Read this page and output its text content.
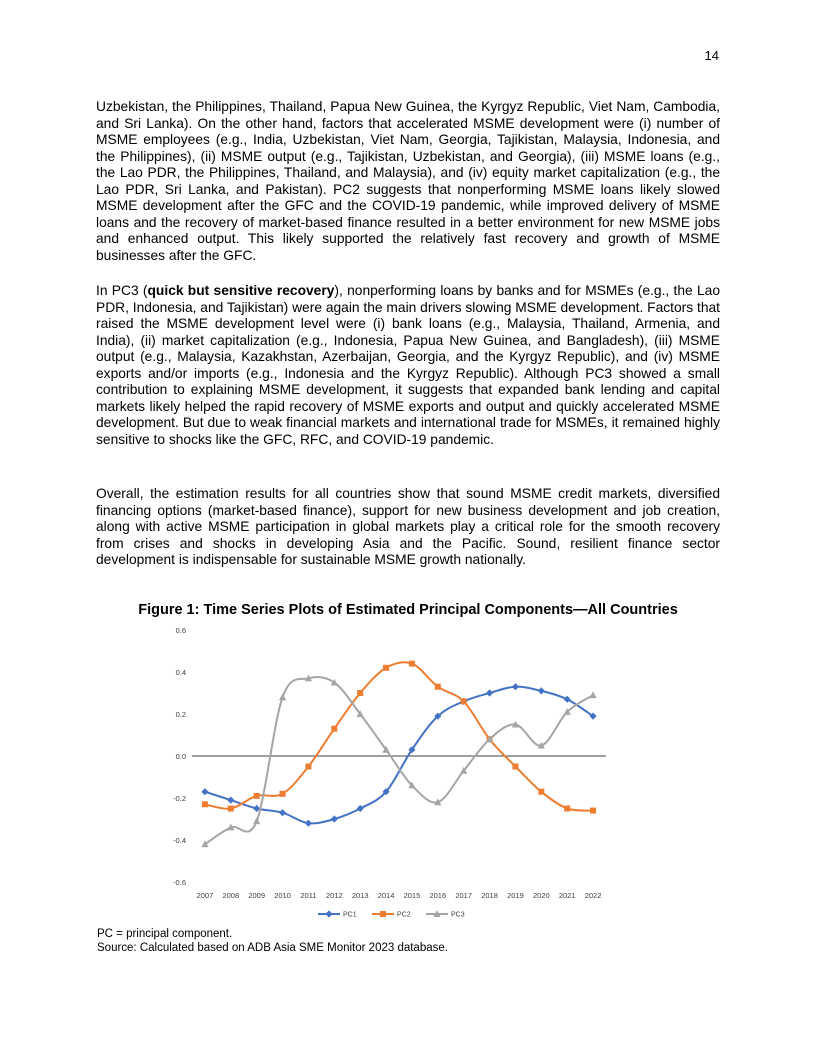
14

Uzbekistan, the Philippines, Thailand, Papua New Guinea, the Kyrgyz Republic, Viet Nam, Cambodia, and Sri Lanka). On the other hand, factors that accelerated MSME development were (i) number of MSME employees (e.g., India, Uzbekistan, Viet Nam, Georgia, Tajikistan, Malaysia, Indonesia, and the Philippines), (ii) MSME output (e.g., Tajikistan, Uzbekistan, and Georgia), (iii) MSME loans (e.g., the Lao PDR, the Philippines, Thailand, and Malaysia), and (iv) equity market capitalization (e.g., the Lao PDR, Sri Lanka, and Pakistan). PC2 suggests that nonperforming MSME loans likely slowed MSME development after the GFC and the COVID-19 pandemic, while improved delivery of MSME loans and the recovery of market-based finance resulted in a better environment for new MSME jobs and enhanced output. This likely supported the relatively fast recovery and growth of MSME businesses after the GFC.

In PC3 (quick but sensitive recovery), nonperforming loans by banks and for MSMEs (e.g., the Lao PDR, Indonesia, and Tajikistan) were again the main drivers slowing MSME development. Factors that raised the MSME development level were (i) bank loans (e.g., Malaysia, Thailand, Armenia, and India), (ii) market capitalization (e.g., Indonesia, Papua New Guinea, and Bangladesh), (iii) MSME output (e.g., Malaysia, Kazakhstan, Azerbaijan, Georgia, and the Kyrgyz Republic), and (iv) MSME exports and/or imports (e.g., Indonesia and the Kyrgyz Republic). Although PC3 showed a small contribution to explaining MSME development, it suggests that expanded bank lending and capital markets likely helped the rapid recovery of MSME exports and output and quickly accelerated MSME development. But due to weak financial markets and international trade for MSMEs, it remained highly sensitive to shocks like the GFC, RFC, and COVID-19 pandemic.

Overall, the estimation results for all countries show that sound MSME credit markets, diversified financing options (market-based finance), support for new business development and job creation, along with active MSME participation in global markets play a critical role for the smooth recovery from crises and shocks in developing Asia and the Pacific. Sound, resilient finance sector development is indispensable for sustainable MSME growth nationally.

Figure 1: Time Series Plots of Estimated Principal Components—All Countries
-0.6
-0.4
-0.2
0.0
0.2
0.4
0.6
2007 2008 2009 2010 2011 2012 2013 2014 2015 2016 2017 2018 2019 2020 2021 2022
PC1	PC2	PC3

PC = principal component.

Source: Calculated based on ADB Asia SME Monitor 2023 database.
